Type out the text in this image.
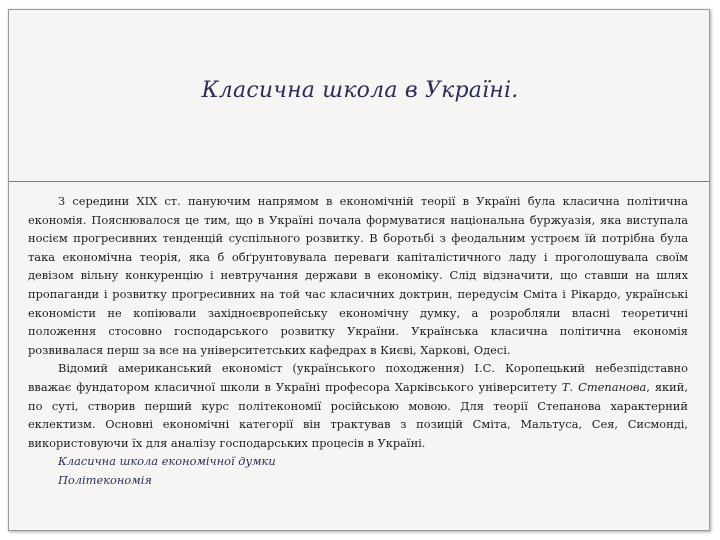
Класична школа в Україні.

З середини XIX ст. пануючим напрямом в економічній теорії в Україні була класична політична економія. Пояснювалося це тим, що в Україні почала формуватися національна буржуазія, яка виступала носієм прогресивних тенденцій суспільного розвитку. В боротьбі з феодальним устроєм їй потрібна була така економічна теорія, яка б обґрунтовувала переваги капіталістичного ладу і проголошувала своїм девізом вільну конкуренцію і невтручання держави в економіку. Слід відзначити, що ставши на шлях пропаганди і розвитку прогресивних на той час класичних доктрин, передусім Сміта і Рікардо, українські економісти не копіювали західноєвропейську економічну думку, а розробляли власні теоретичні положення стосовно господарського розвитку України. Українська класична політична економія розвивалася перш за все на університетських кафедрах в Києві, Харкові, Одесі.

Відомий американський економіст (українського походження) І.С. Коропецький небезпідставно вважає фундатором класичної школи в Україні професора Харківського університету Т. Степанова, який, по суті, створив перший курс політекономії російською мовою. Для теорії Степанова характерний еклектизм. Основні економічні категорії він трактував з позицій Сміта, Мальтуса, Сея, Сисмонді, використовуючи їх для аналізу господарських процесів в Україні.

Класична школа економічної думки

Політекономія
